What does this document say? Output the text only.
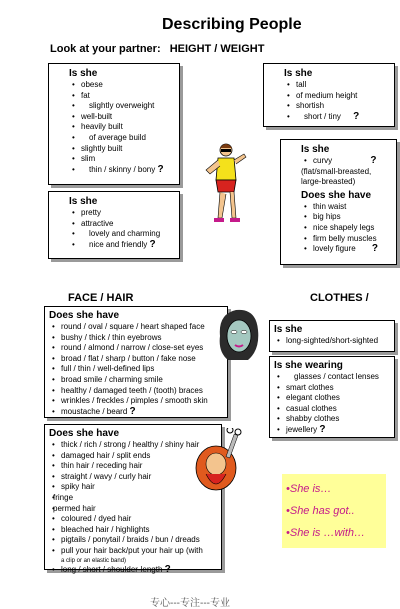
Describing People
Look at your partner: HEIGHT / WEIGHT
Is she
• obese
• fat
• slightly overweight
• well-built
• heavily built
• of average build
• slightly built
• slim
• thin / skinny / bony ?
Is she
• pretty
• attractive
• lovely and charming
• nice and friendly ?
Is she
• tall
• of medium height
• shortish
• short / tiny ?
Is she
• curvy	?
(flat/small-breasted,
large-breasted)
Does she have
• thin waist
• big hips
• nice shapely legs
• firm belly muscles
• lovely figure ?
FACE / HAIR	CLOTHES /
Does she have
• round / oval / square / heart shaped face
• bushy / thick / thin eyebrows
• round / almond / narrow / close-set eyes
• broad / flat / sharp / button / fake nose
• full / thin / well-defined lips
• broad smile / charming smile
• healthy / damaged teeth / (tooth) braces
• wrinkles / freckles / pimples / smooth skin
• moustache / beard ?
Does she have
• thick / rich / strong / healthy / shiny hair
• damaged hair / split ends
• thin hair / receding hair
• straight / wavy / curly hair
• spiky hair
• fringe
• permed hair
• coloured / dyed hair
• bleached hair / highlights
• pigtails / ponytail / braids / bun / dreads
• pull your hair back/put your hair up (with
a clip or an elastic band)
• long / short / shoulder-length ?
Is she
• long-sighted/short-sighted
Is she wearing
• glasses / contact lenses
• smart clothes
• elegant clothes
• casual clothes
• shabby clothes
• jewellery ?
•She is…
•She has got..
•She is …with…
专心---专注---专业
